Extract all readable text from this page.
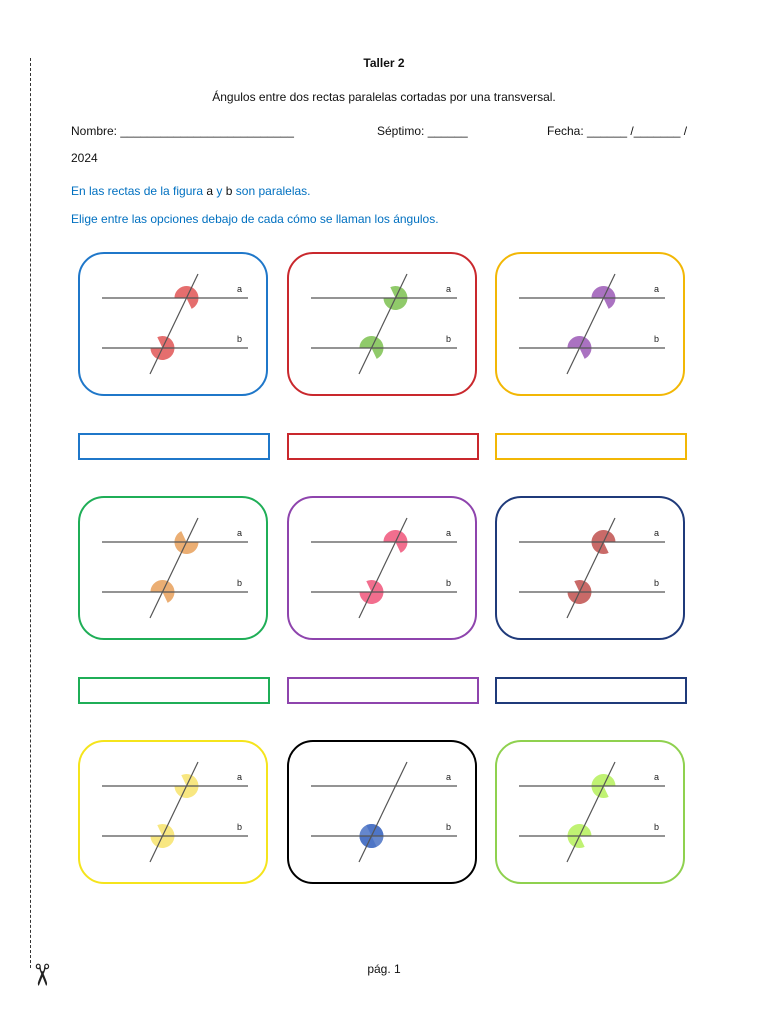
✂
Taller 2
Ángulos entre dos rectas paralelas cortadas por una transversal.
Nombre: __________________________	Séptimo: ______	Fecha: ______ /_______ /
2024
En las rectas de la figura a y b son paralelas.
Elige entre las opciones debajo de cada cómo se llaman los ángulos.
a
b
a
b
a
b
a
b
a
b
a
b
a
b
a
b
a
b
pág. 1
